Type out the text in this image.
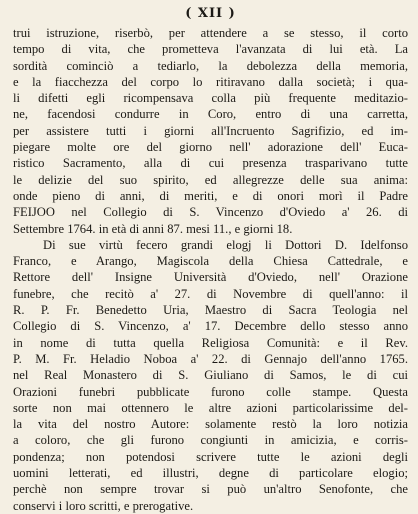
( XII )
trui istruzione, riserbò, per attendere a se stesso, il corto
tempo di vita, che prometteva l'avanzata di lui età. La
sordità cominciò a tediarlo, la debolezza della memoria,
e la fiacchezza del corpo lo ritiravano dalla società; i qua-
li difetti egli ricompensava colla più frequente meditazio-
ne, facendosi condurre in Coro, entro di una carretta,
per assistere tutti i giorni all'Incruento Sagrifizio, ed im-
piegare molte ore del giorno nell' adorazione dell' Euca-
ristico Sacramento, alla di cui presenza trasparivano tutte
le delizie del suo spirito, ed allegrezze delle sua anima:
onde pieno di anni, di meriti, e di onori morì il Padre
FEIJOO nel Collegio di S. Vincenzo d'Oviedo a' 26. di
Settembre 1764. in età di anni 87. mesi 11., e giorni 18.
Di sue virtù fecero grandi elogj li Dottori D. Idelfonso
Franco, e Arango, Magiscola della Chiesa Cattedrale, e
Rettore dell' Insigne Università d'Oviedo, nell' Orazione
funebre, che recitò a' 27. di Novembre di quell'anno: il
R. P. Fr. Benedetto Uria, Maestro di Sacra Teologia nel
Collegio di S. Vincenzo, a' 17. Decembre dello stesso anno
in nome di tutta quella Religiosa Comunità: e il Rev.
P. M. Fr. Heladio Noboa a' 22. di Gennajo dell'anno 1765.
nel Real Monastero di S. Giuliano di Samos, le di cui
Orazioni funebri pubblicate furono colle stampe. Questa
sorte non mai ottennero le altre azioni particolarissime del-
la vita del nostro Autore: solamente restò la loro notizia
a coloro, che gli furono congiunti in amicizia, e corris-
pondenza; non potendosi scrivere tutte le azioni degli
uomini letterati, ed illustri, degne di particolare elogio;
perchè non sempre trovar si può un'altro Senofonte, che
conservi i loro scritti, e prerogative.
